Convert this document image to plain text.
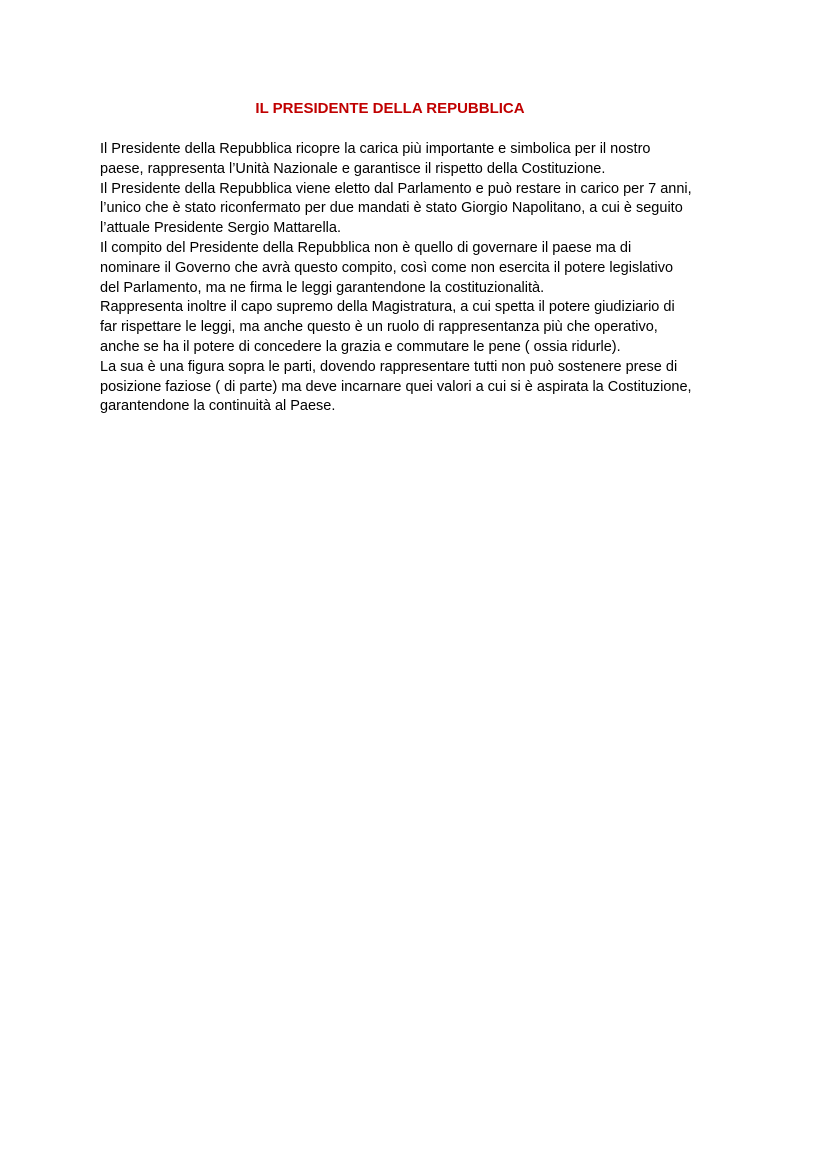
IL PRESIDENTE DELLA REPUBBLICA
Il Presidente della Repubblica ricopre la carica più importante e simbolica per il nostro
paese, rappresenta l’Unità Nazionale e garantisce il rispetto della Costituzione.
Il Presidente della Repubblica viene eletto dal Parlamento e può restare in carico per 7 anni,
l’unico che è stato riconfermato per due mandati è stato Giorgio Napolitano, a cui è seguito
l’attuale Presidente Sergio Mattarella.
Il compito del Presidente della Repubblica non è quello di governare il paese ma di
nominare il Governo che avrà questo compito, così come non esercita il potere legislativo
del Parlamento, ma ne firma le leggi garantendone la costituzionalità.
Rappresenta inoltre il capo supremo della Magistratura, a cui spetta il potere giudiziario di
far rispettare le leggi, ma anche questo è un ruolo di rappresentanza più che operativo,
anche se ha il potere di concedere la grazia e commutare le pene ( ossia ridurle).
La sua è una figura sopra le parti, dovendo rappresentare tutti non può sostenere prese di
posizione faziose ( di parte) ma deve incarnare quei valori a cui si è aspirata la Costituzione,
garantendone la continuità al Paese.
